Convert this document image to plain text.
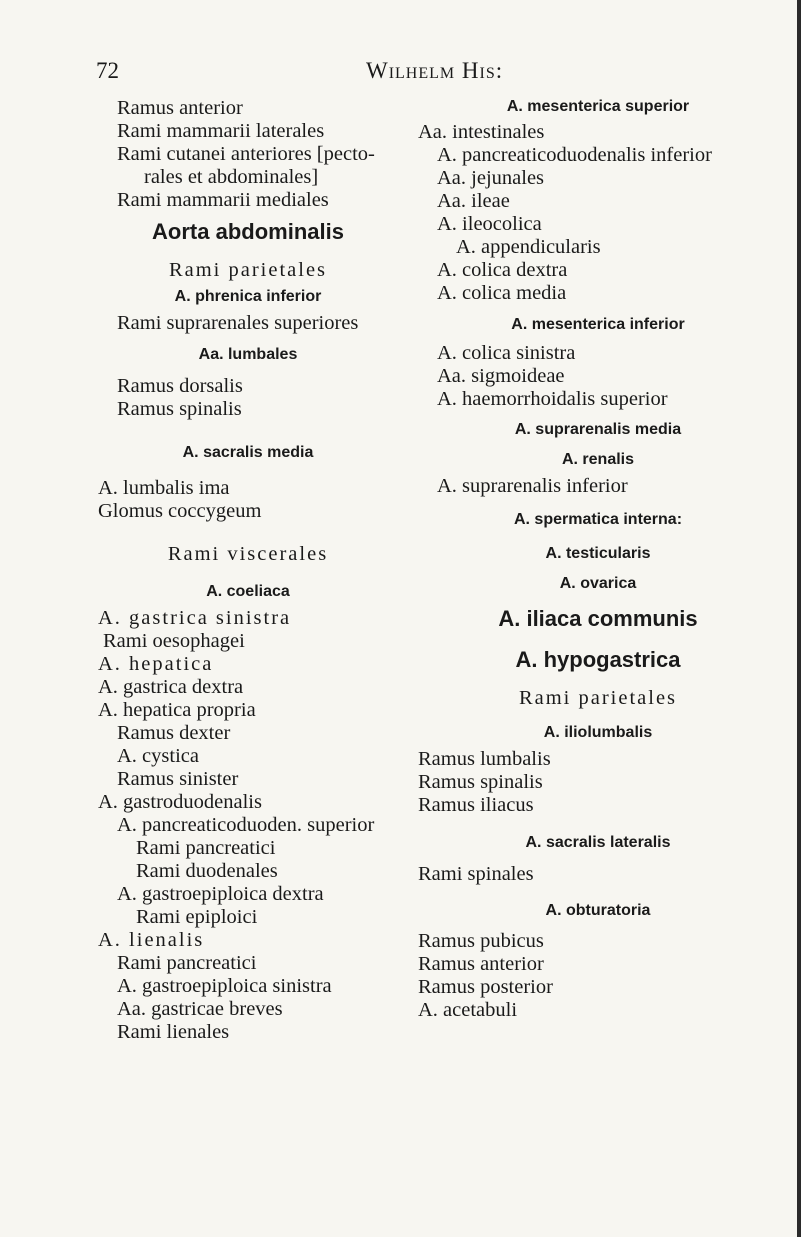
72	Wilhelm His:
Ramus anterior
Rami mammarii laterales
Rami cutanei anteriores [pecto-
rales et abdominales]
Rami mammarii mediales
Aorta abdominalis
Rami parietales
A. phrenica inferior
Rami suprarenales superiores
Aa. lumbales
Ramus dorsalis
Ramus spinalis
A. sacralis media
A. lumbalis ima
Glomus coccygeum
Rami viscerales
A. coeliaca
A. gastrica sinistra
Rami oesophagei
A. hepatica
A. gastrica dextra
A. hepatica propria
Ramus dexter
A. cystica
Ramus sinister
A. gastroduodenalis
A. pancreaticoduoden. superior
Rami pancreatici
Rami duodenales
A. gastroepiploica dextra
Rami epiploici
A. lienalis
Rami pancreatici
A. gastroepiploica sinistra
Aa. gastricae breves
Rami lienales
A. mesenterica superior
Aa. intestinales
A. pancreaticoduodenalis inferior
Aa. jejunales
Aa. ileae
A. ileocolica
A. appendicularis
A. colica dextra
A. colica media
A. mesenterica inferior
A. colica sinistra
Aa. sigmoideae
A. haemorrhoidalis superior
A. suprarenalis media
A. renalis
A. suprarenalis inferior
A. spermatica interna:
A. testicularis
A. ovarica
A. iliaca communis
A. hypogastrica
Rami parietales
A. iliolumbalis
Ramus lumbalis
Ramus spinalis
Ramus iliacus
A. sacralis lateralis
Rami spinales
A. obturatoria
Ramus pubicus
Ramus anterior
Ramus posterior
A. acetabuli
